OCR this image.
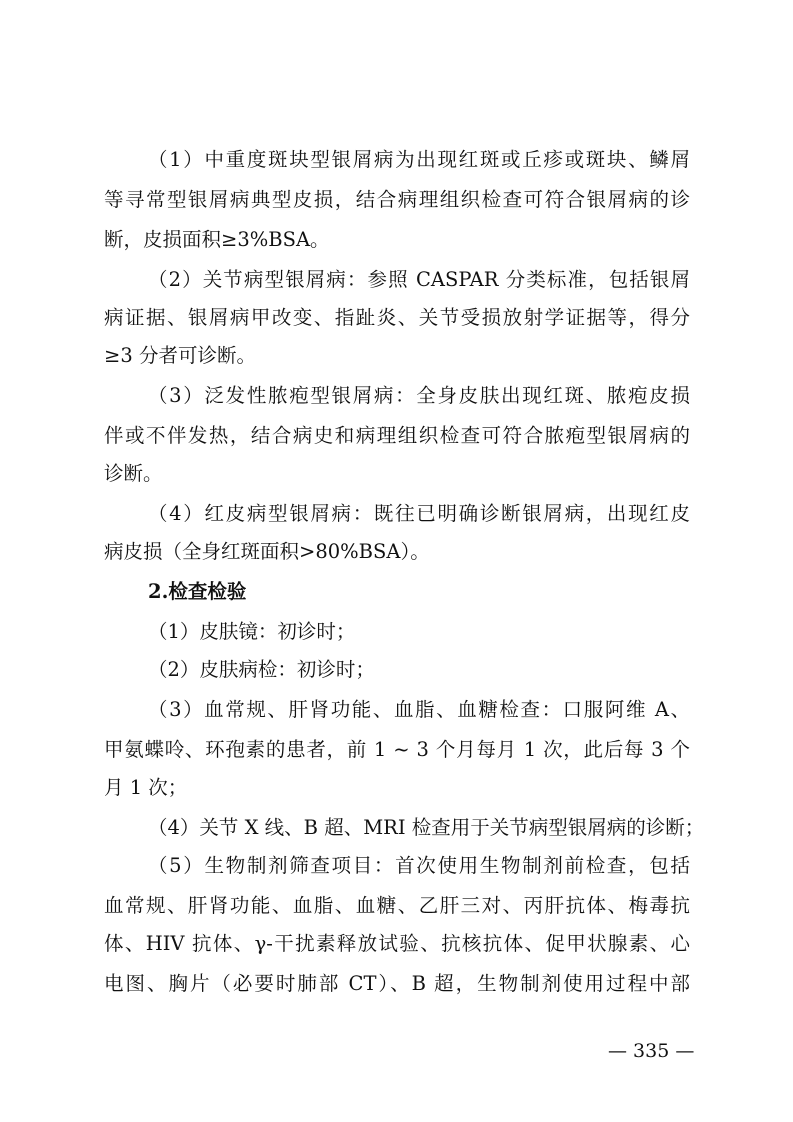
（1）中重度斑块型银屑病为出现红斑或丘疹或斑块、鳞屑
等寻常型银屑病典型皮损，结合病理组织检查可符合银屑病的诊
断，皮损面积≥3%BSA。
（2）关节病型银屑病：参照 CASPAR 分类标准，包括银屑
病证据、银屑病甲改变、指趾炎、关节受损放射学证据等，得分
≥3 分者可诊断。
（3）泛发性脓疱型银屑病：全身皮肤出现红斑、脓疱皮损
伴或不伴发热，结合病史和病理组织检查可符合脓疱型银屑病的
诊断。
（4）红皮病型银屑病：既往已明确诊断银屑病，出现红皮
病皮损（全身红斑面积>80%BSA）。
2.检查检验
（1）皮肤镜：初诊时；
（2）皮肤病检：初诊时；
（3）血常规、肝肾功能、血脂、血糖检查：口服阿维 A、
甲氨蝶呤、环孢素的患者，前 1 ~ 3 个月每月 1 次，此后每 3 个
月 1 次；
（4）关节 X 线、B 超、MRI 检查用于关节病型银屑病的诊断；
（5）生物制剂筛查项目：首次使用生物制剂前检查，包括
血常规、肝肾功能、血脂、血糖、乙肝三对、丙肝抗体、梅毒抗
体、HIV 抗体、γ-干扰素释放试验、抗核抗体、促甲状腺素、心
电图、胸片（必要时肺部 CT）、B 超，生物制剂使用过程中部
— 335 —
